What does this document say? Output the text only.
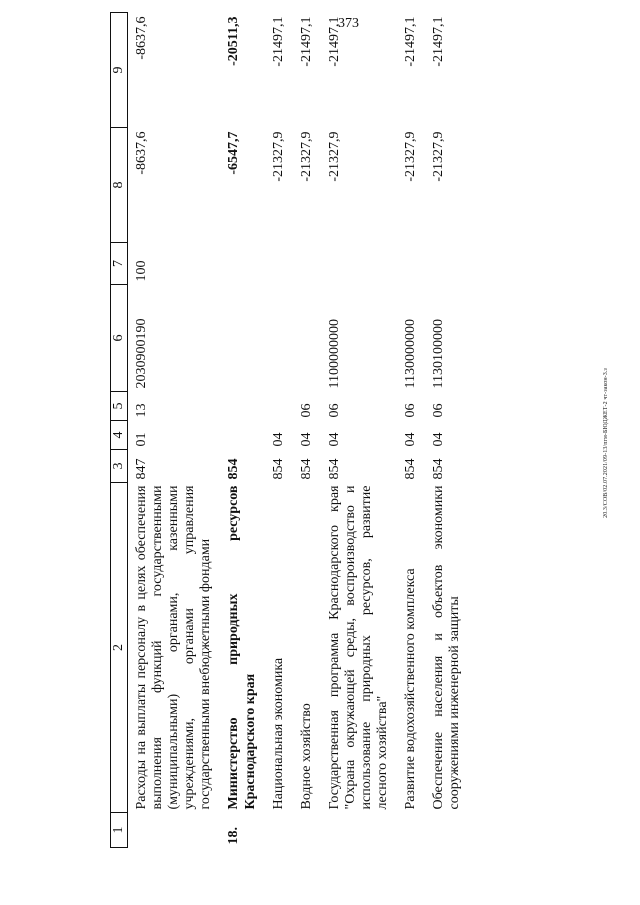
373
20.3/СОВ/02.07.2021/09-13/пгм-БЮДЖЕТ-2 чт-закон-3.з
1	2	3	4	5	6	7	8	9
	Расходы на выплаты персоналу в целях обеспечения выполнения функций государственными (муниципальными) органами, казенными учреждениями, органами управления государственными внебюджетными фондами	847	01	13	2030900190	100	-8637,6	-8637,6
18.	Министерство природных ресурсов Краснодарского края	854					-6547,7	-20511,3
	Национальная экономика	854	04				-21327,9	-21497,1
	Водное хозяйство	854	04	06			-21327,9	-21497,1
	Государственная программа Краснодарского края "Охрана окружающей среды, воспроизводство и использование природных ресурсов, развитие лесного хозяйства"	854	04	06	1100000000		-21327,9	-21497,1
	Развитие водохозяйственного комплекса	854	04	06	1130000000		-21327,9	-21497,1
	Обеспечение населения и объектов экономики сооружениями инженерной защиты	854	04	06	1130100000		-21327,9	-21497,1
